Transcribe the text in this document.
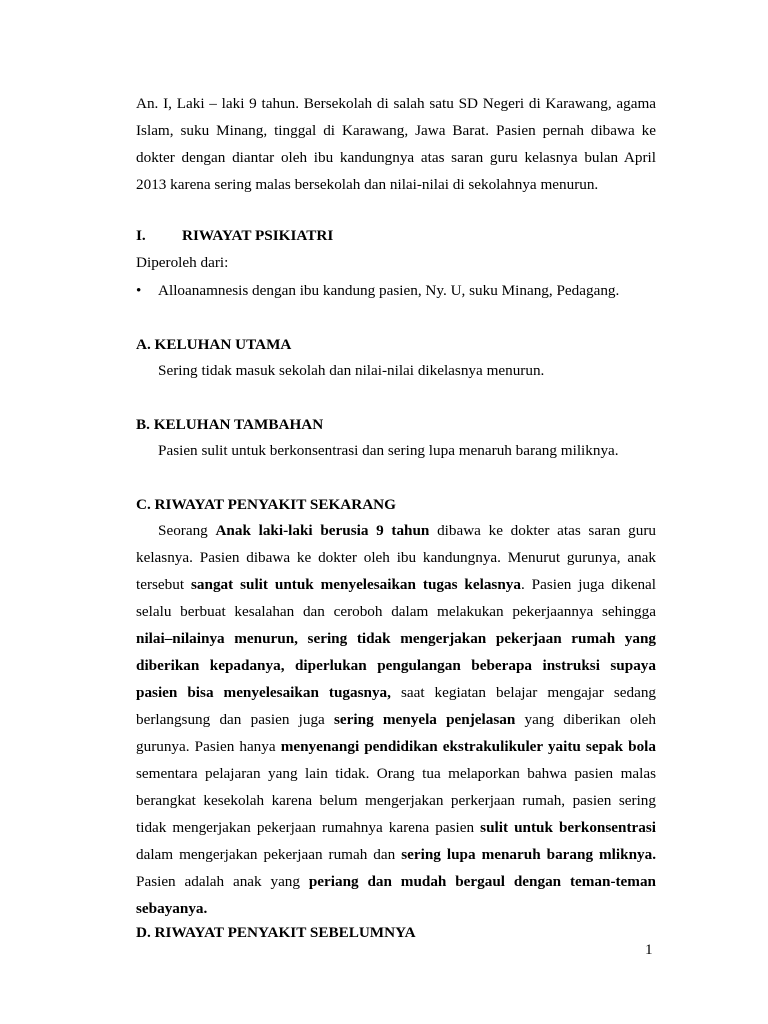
An. I, Laki – laki 9 tahun. Bersekolah di salah satu SD Negeri di Karawang, agama Islam, suku Minang, tinggal di Karawang, Jawa Barat. Pasien pernah dibawa ke dokter dengan diantar oleh ibu kandungnya atas saran guru kelasnya bulan April 2013 karena sering malas bersekolah dan nilai-nilai di sekolahnya menurun.

I. RIWAYAT PSIKIATRI
Diperoleh dari:
• Alloanamnesis dengan ibu kandung pasien, Ny. U, suku Minang, Pedagang.
A. KELUHAN UTAMA
Sering tidak masuk sekolah dan nilai-nilai dikelasnya menurun.
B. KELUHAN TAMBAHAN
Pasien sulit untuk berkonsentrasi dan sering lupa menaruh barang miliknya.
C. RIWAYAT PENYAKIT SEKARANG

Seorang Anak laki-laki berusia 9 tahun dibawa ke dokter atas saran guru kelasnya. Pasien dibawa ke dokter oleh ibu kandungnya. Menurut gurunya, anak tersebut sangat sulit untuk menyelesaikan tugas kelasnya. Pasien juga dikenal selalu berbuat kesalahan dan ceroboh dalam melakukan pekerjaannya sehingga nilai–nilainya menurun, sering tidak mengerjakan pekerjaan rumah yang diberikan kepadanya, diperlukan pengulangan beberapa instruksi supaya pasien bisa menyelesaikan tugasnya, saat kegiatan belajar mengajar sedang berlangsung dan pasien juga sering menyela penjelasan yang diberikan oleh gurunya. Pasien hanya menyenangi pendidikan ekstrakulikuler yaitu sepak bola sementara pelajaran yang lain tidak. Orang tua melaporkan bahwa pasien malas berangkat kesekolah karena belum mengerjakan perkerjaan rumah, pasien sering tidak mengerjakan pekerjaan rumahnya karena pasien sulit untuk berkonsentrasi dalam mengerjakan pekerjaan rumah dan sering lupa menaruh barang mliknya. Pasien adalah anak yang periang dan mudah bergaul dengan teman-teman sebayanya.

D. RIWAYAT PENYAKIT SEBELUMNYA
1
